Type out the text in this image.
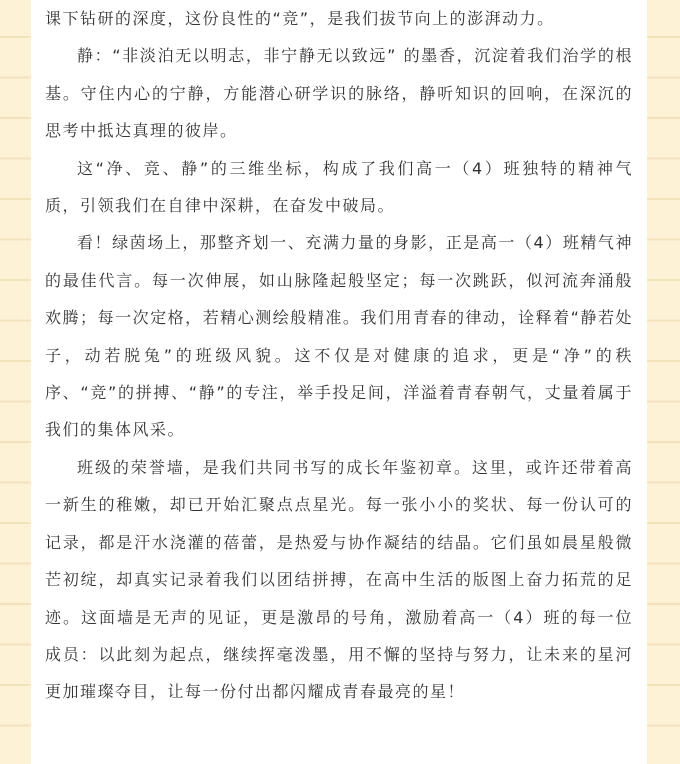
课下钻研的深度，这份良性的“竞”，是我们拔节向上的澎湃动力。

静：“非淡泊无以明志，非宁静无以致远” 的墨香，沉淀着我们治学的根基。守住内心的宁静，方能潜心研学识的脉络，静听知识的回响，在深沉的思考中抵达真理的彼岸。

这“净、竞、静”的三维坐标，构成了我们高一（4）班独特的精神气质，引领我们在自律中深耕，在奋发中破局。

看！绿茵场上，那整齐划一、充满力量的身影，正是高一（4）班精气神的最佳代言。每一次伸展，如山脉隆起般坚定；每一次跳跃，似河流奔涌般欢腾；每一次定格，若精心测绘般精准。我们用青春的律动，诠释着“静若处子，动若脱兔”的班级风貌。这不仅是对健康的追求，更是“净”的秩序、“竞”的拼搏、“静”的专注，举手投足间，洋溢着青春朝气，丈量着属于我们的集体风采。

班级的荣誉墙，是我们共同书写的成长年鉴初章。这里，或许还带着高一新生的稚嫩，却已开始汇聚点点星光。每一张小小的奖状、每一份认可的记录，都是汗水浇灌的蓓蕾，是热爱与协作凝结的结晶。它们虽如晨星般微芒初绽，却真实记录着我们以团结拼搏，在高中生活的版图上奋力拓荒的足迹。这面墙是无声的见证，更是激昂的号角，激励着高一（4）班的每一位成员：以此刻为起点，继续挥毫泼墨，用不懈的坚持与努力，让未来的星河更加璀璨夺目，让每一份付出都闪耀成青春最亮的星！
